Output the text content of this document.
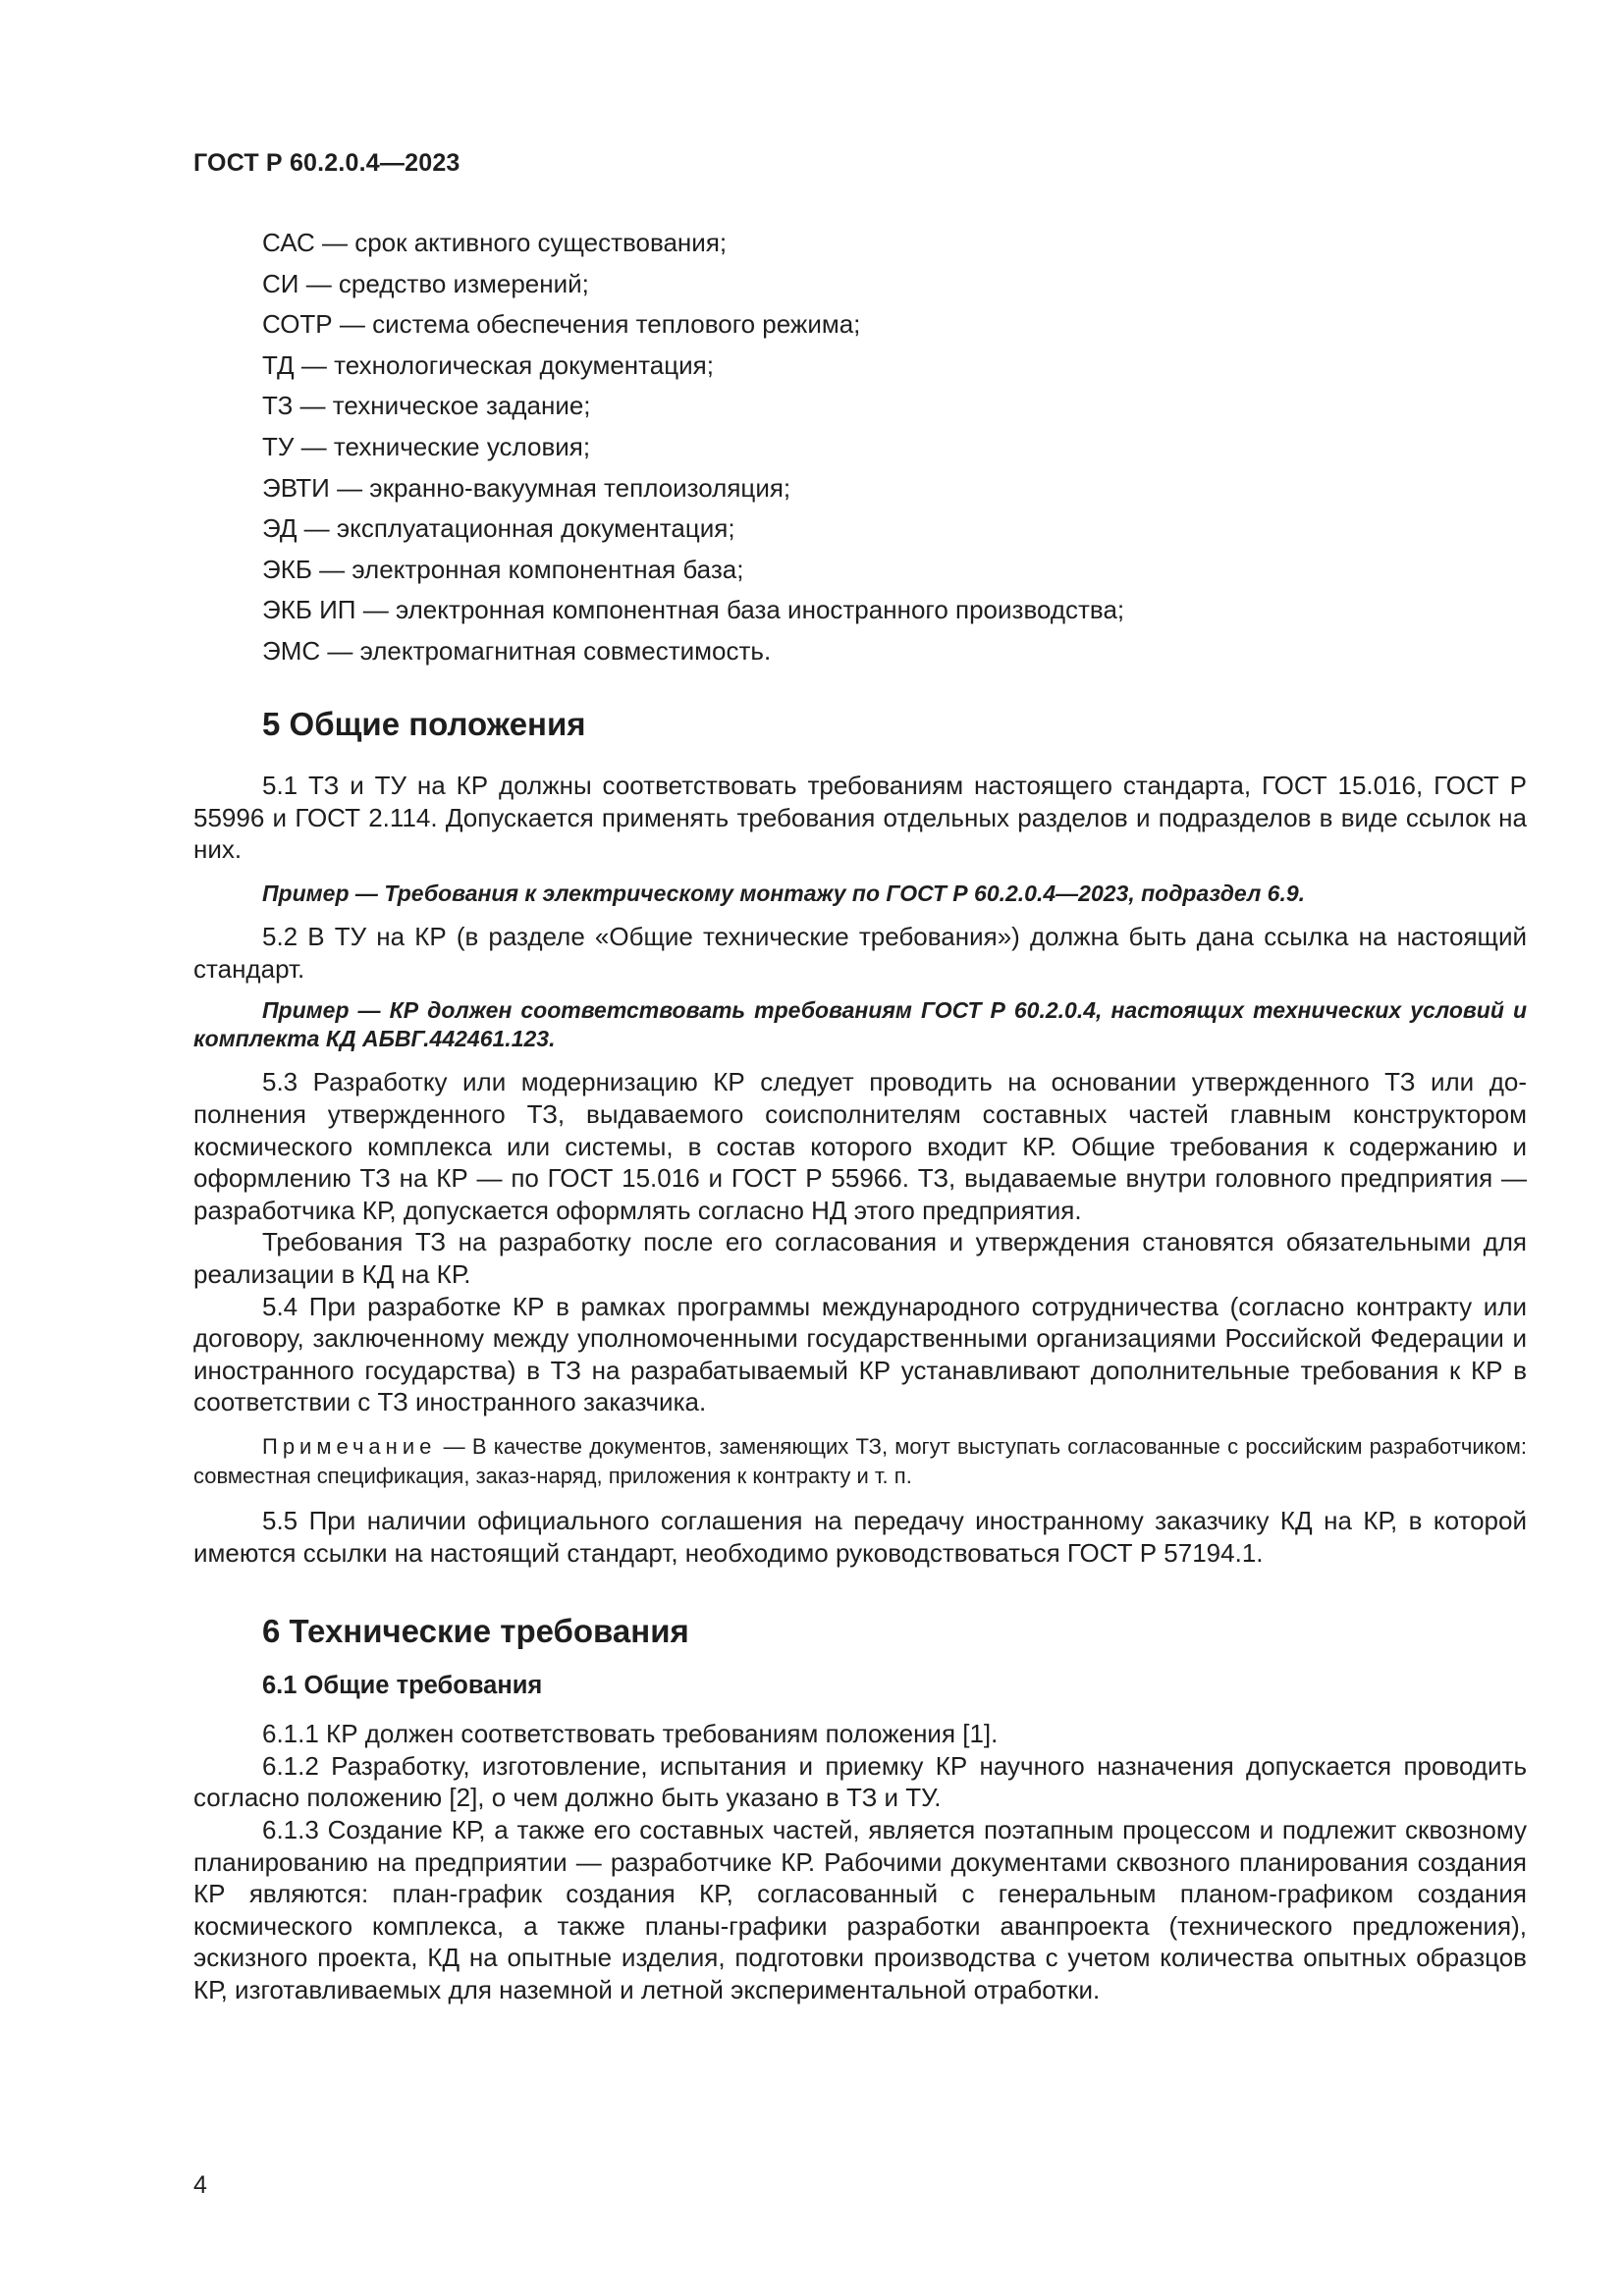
ГОСТ Р 60.2.0.4—2023
САС — срок активного существования;
СИ — средство измерений;
СОТР — система обеспечения теплового режима;
ТД — технологическая документация;
ТЗ — техническое задание;
ТУ — технические условия;
ЭВТИ — экранно-вакуумная теплоизоляция;
ЭД — эксплуатационная документация;
ЭКБ — электронная компонентная база;
ЭКБ ИП — электронная компонентная база иностранного производства;
ЭМС — электромагнитная совместимость.
5 Общие положения

5.1 ТЗ и ТУ на КР должны соответствовать требованиям настоящего стандарта, ГОСТ 15.016, ГОСТ Р 55996 и ГОСТ 2.114. Допускается применять требования отдельных разделов и подразделов в виде ссылок на них.

Пример — Требования к электрическому монтажу по ГОСТ Р 60.2.0.4—2023, подраздел 6.9.

5.2 В ТУ на КР (в разделе «Общие технические требования») должна быть дана ссылка на настоящий стандарт.

Пример — КР должен соответствовать требованиям ГОСТ Р 60.2.0.4, настоящих технических условий и комплекта КД АБВГ.442461.123.

5.3 Разработку или модернизацию КР следует проводить на основании утвержденного ТЗ или дополнения утвержденного ТЗ, выдаваемого соисполнителям составных частей главным конструктором космического комплекса или системы, в состав которого входит КР. Общие требования к содержанию и оформлению ТЗ на КР — по ГОСТ 15.016 и ГОСТ Р 55966. ТЗ, выдаваемые внутри головного предприятия — разработчика КР, допускается оформлять согласно НД этого предприятия.

Требования ТЗ на разработку после его согласования и утверждения становятся обязательными для реализации в КД на КР.

5.4 При разработке КР в рамках программы международного сотрудничества (согласно контракту или договору, заключенному между уполномоченными государственными организациями Российской Федерации и иностранного государства) в ТЗ на разрабатываемый КР устанавливают дополнительные требования к КР в соответствии с ТЗ иностранного заказчика.

Примечание — В качестве документов, заменяющих ТЗ, могут выступать согласованные с российским разработчиком: совместная спецификация, заказ-наряд, приложения к контракту и т. п.

5.5 При наличии официального соглашения на передачу иностранному заказчику КД на КР, в которой имеются ссылки на настоящий стандарт, необходимо руководствоваться ГОСТ Р 57194.1.

6 Технические требования
6.1 Общие требования

6.1.1 КР должен соответствовать требованиям положения [1].

6.1.2 Разработку, изготовление, испытания и приемку КР научного назначения допускается проводить согласно положению [2], о чем должно быть указано в ТЗ и ТУ.

6.1.3 Создание КР, а также его составных частей, является поэтапным процессом и подлежит сквозному планированию на предприятии — разработчике КР. Рабочими документами сквозного планирования создания КР являются: план-график создания КР, согласованный с генеральным планом-графиком создания космического комплекса, а также планы-графики разработки аванпроекта (технического предложения), эскизного проекта, КД на опытные изделия, подготовки производства с учетом количества опытных образцов КР, изготавливаемых для наземной и летной экспериментальной отработки.

4
